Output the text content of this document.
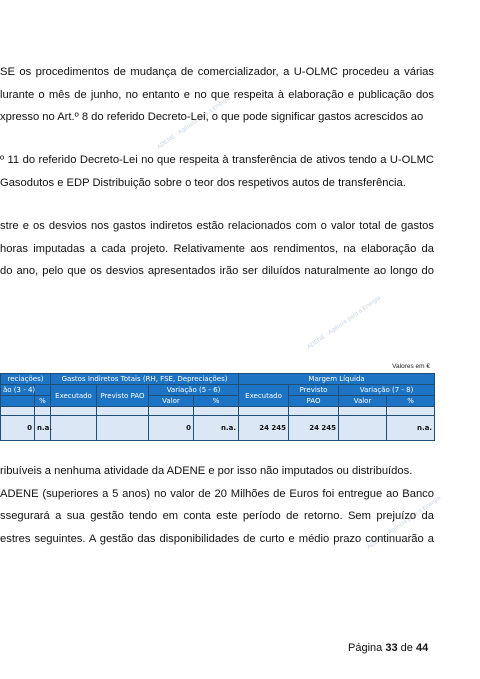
ADENE · Agência para a Energia
ADENE · Agência para a Energia
ADENE · Agência para a Energia
SE os procedimentos de mudança de comercializador, a U-OLMC procedeu a várias
lurante o mês de junho, no entanto e no que respeita à elaboração e publicação dos
xpresso no Art.º 8 do referido Decreto-Lei, o que pode significar gastos acrescidos ao
º 11 do referido Decreto-Lei no que respeita à transferência de ativos tendo a U-OLMC
Gasodutos e EDP Distribuição sobre o teor dos respetivos autos de transferência.
stre e os desvios nos gastos indiretos estão relacionados com o valor total de gastos
horas imputadas a cada projeto. Relativamente aos rendimentos, na elaboração da
do ano, pelo que os desvios apresentados irão ser diluídos naturalmente ao longo do
Valores em €
reciações)		Gastos Indiretos Totais (RH, FSE, Depreciações)				Margem Líquida			
ão (3 - 4)		Executado	Previsto PAO	Variação (5 - 6)		Executado	Previsto	Variação (7 - 8)	
	%			Valor	%		PAO	Valor	%

0	n.a.			0	n.a.	24 245	24 245		n.a.
ribuíveis a nenhuma atividade da ADENE e por isso não imputados ou distribuídos.
ADENE (superiores a 5 anos) no valor de 20 Milhões de Euros foi entregue ao Banco
ssegurará a sua gestão tendo em conta este período de retorno. Sem prejuízo da
estres seguintes. A gestão das disponibilidades de curto e médio prazo continuarão a
Página 33 de 44
